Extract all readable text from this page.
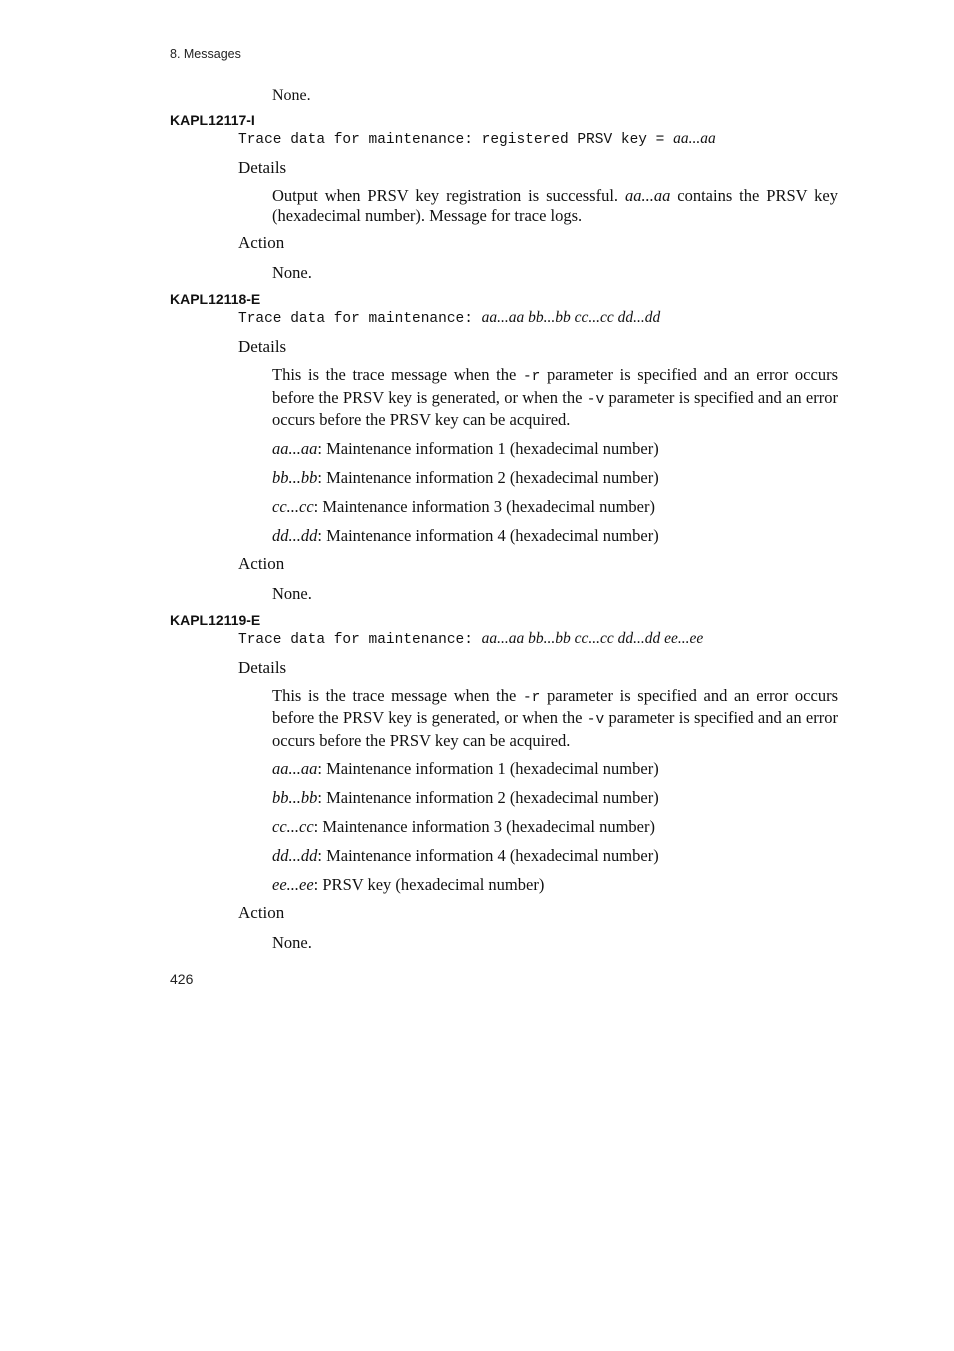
8. Messages
None.
KAPL12117-I
Trace data for maintenance: registered PRSV key = aa...aa
Details
Output when PRSV key registration is successful. aa...aa contains the PRSV key (hexadecimal number). Message for trace logs.
Action
None.
KAPL12118-E
Trace data for maintenance: aa...aa bb...bb cc...cc dd...dd
Details
This is the trace message when the -r parameter is specified and an error occurs before the PRSV key is generated, or when the -v parameter is specified and an error occurs before the PRSV key can be acquired.
aa...aa: Maintenance information 1 (hexadecimal number)
bb...bb: Maintenance information 2 (hexadecimal number)
cc...cc: Maintenance information 3 (hexadecimal number)
dd...dd: Maintenance information 4 (hexadecimal number)
Action
None.
KAPL12119-E
Trace data for maintenance: aa...aa bb...bb cc...cc dd...dd ee...ee
Details
This is the trace message when the -r parameter is specified and an error occurs before the PRSV key is generated, or when the -v parameter is specified and an error occurs before the PRSV key can be acquired.
aa...aa: Maintenance information 1 (hexadecimal number)
bb...bb: Maintenance information 2 (hexadecimal number)
cc...cc: Maintenance information 3 (hexadecimal number)
dd...dd: Maintenance information 4 (hexadecimal number)
ee...ee: PRSV key (hexadecimal number)
Action
None.
426
